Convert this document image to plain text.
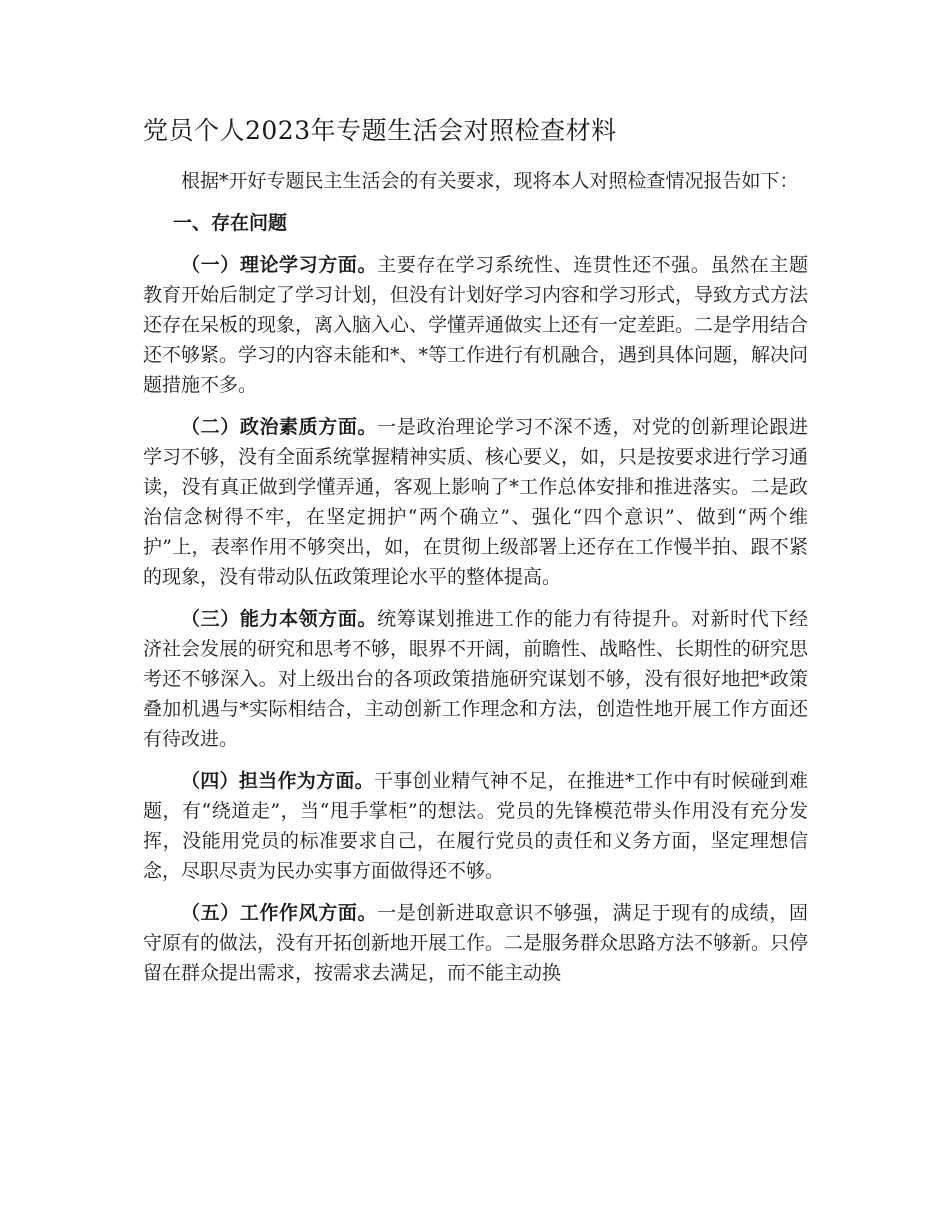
党员个人2023年专题生活会对照检查材料

根据*开好专题民主生活会的有关要求，现将本人对照检查情况报告如下：

一、存在问题

（一）理论学习方面。主要存在学习系统性、连贯性还不强。虽然在主题教育开始后制定了学习计划，但没有计划好学习内容和学习形式，导致方式方法还存在呆板的现象，离入脑入心、学懂弄通做实上还有一定差距。二是学用结合还不够紧。学习的内容未能和*、*等工作进行有机融合，遇到具体问题，解决问题措施不多。

（二）政治素质方面。一是政治理论学习不深不透，对党的创新理论跟进学习不够，没有全面系统掌握精神实质、核心要义，如，只是按要求进行学习通读，没有真正做到学懂弄通，客观上影响了*工作总体安排和推进落实。二是政治信念树得不牢，在坚定拥护“两个确立”、强化“四个意识”、做到“两个维护”上，表率作用不够突出，如，在贯彻上级部署上还存在工作慢半拍、跟不紧的现象，没有带动队伍政策理论水平的整体提高。

（三）能力本领方面。统筹谋划推进工作的能力有待提升。对新时代下经济社会发展的研究和思考不够，眼界不开阔，前瞻性、战略性、长期性的研究思考还不够深入。对上级出台的各项政策措施研究谋划不够，没有很好地把*政策叠加机遇与*实际相结合，主动创新工作理念和方法，创造性地开展工作方面还有待改进。

（四）担当作为方面。干事创业精气神不足，在推进*工作中有时候碰到难题，有“绕道走”，当“甩手掌柜”的想法。党员的先锋模范带头作用没有充分发挥，没能用党员的标准要求自己，在履行党员的责任和义务方面，坚定理想信念，尽职尽责为民办实事方面做得还不够。

（五）工作作风方面。一是创新进取意识不够强，满足于现有的成绩，固守原有的做法，没有开拓创新地开展工作。二是服务群众思路方法不够新。只停留在群众提出需求，按需求去满足，而不能主动换
